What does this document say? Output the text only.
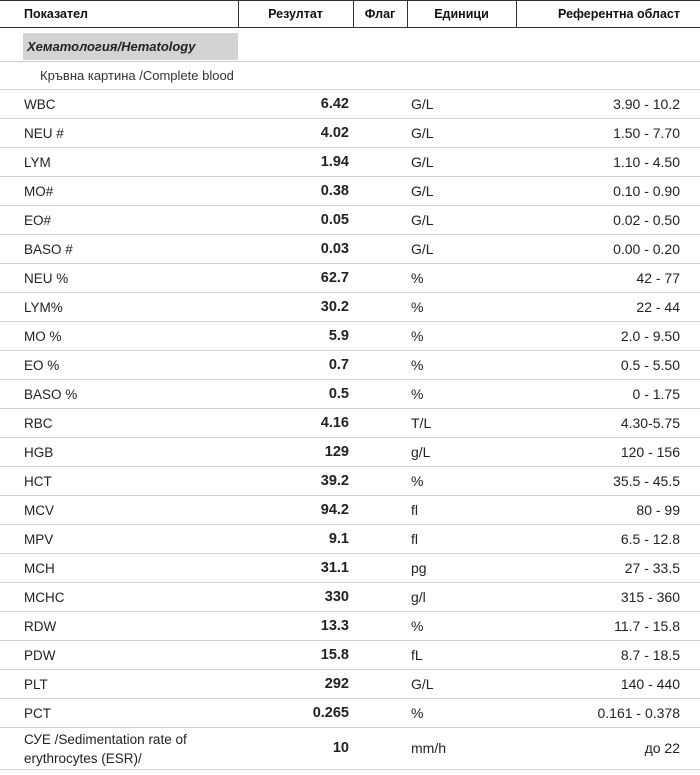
Показател	Резултат	Флаг	Единици	Референтна област

Хематология/Hematology				

Кръвна картина /Complete blood				
WBC	6.42		G/L	3.90 - 10.2
NEU #	4.02		G/L	1.50 - 7.70
LYM	1.94		G/L	1.10 - 4.50
MO#	0.38		G/L	0.10 - 0.90
EO#	0.05		G/L	0.02 - 0.50
BASO #	0.03		G/L	0.00 - 0.20
NEU %	62.7		%	42 - 77
LYM%	30.2		%	22 - 44
MO %	5.9		%	2.0 - 9.50
EO %	0.7		%	0.5 - 5.50
BASO %	0.5		%	0 - 1.75
RBC	4.16		T/L	4.30-5.75
HGB	129		g/L	120 - 156
HCT	39.2		%	35.5 - 45.5
MCV	94.2		fl	80 - 99
MPV	9.1		fl	6.5 - 12.8
MCH	31.1		pg	27 - 33.5
MCHC	330		g/l	315 - 360
RDW	13.3		%	11.7 - 15.8
PDW	15.8		fL	8.7 - 18.5
PLT	292		G/L	140 - 440
PCT	0.265		%	0.161 - 0.378
СУЕ /Sedimentation rate of erythrocytes (ESR)/	10		mm/h	до 22
